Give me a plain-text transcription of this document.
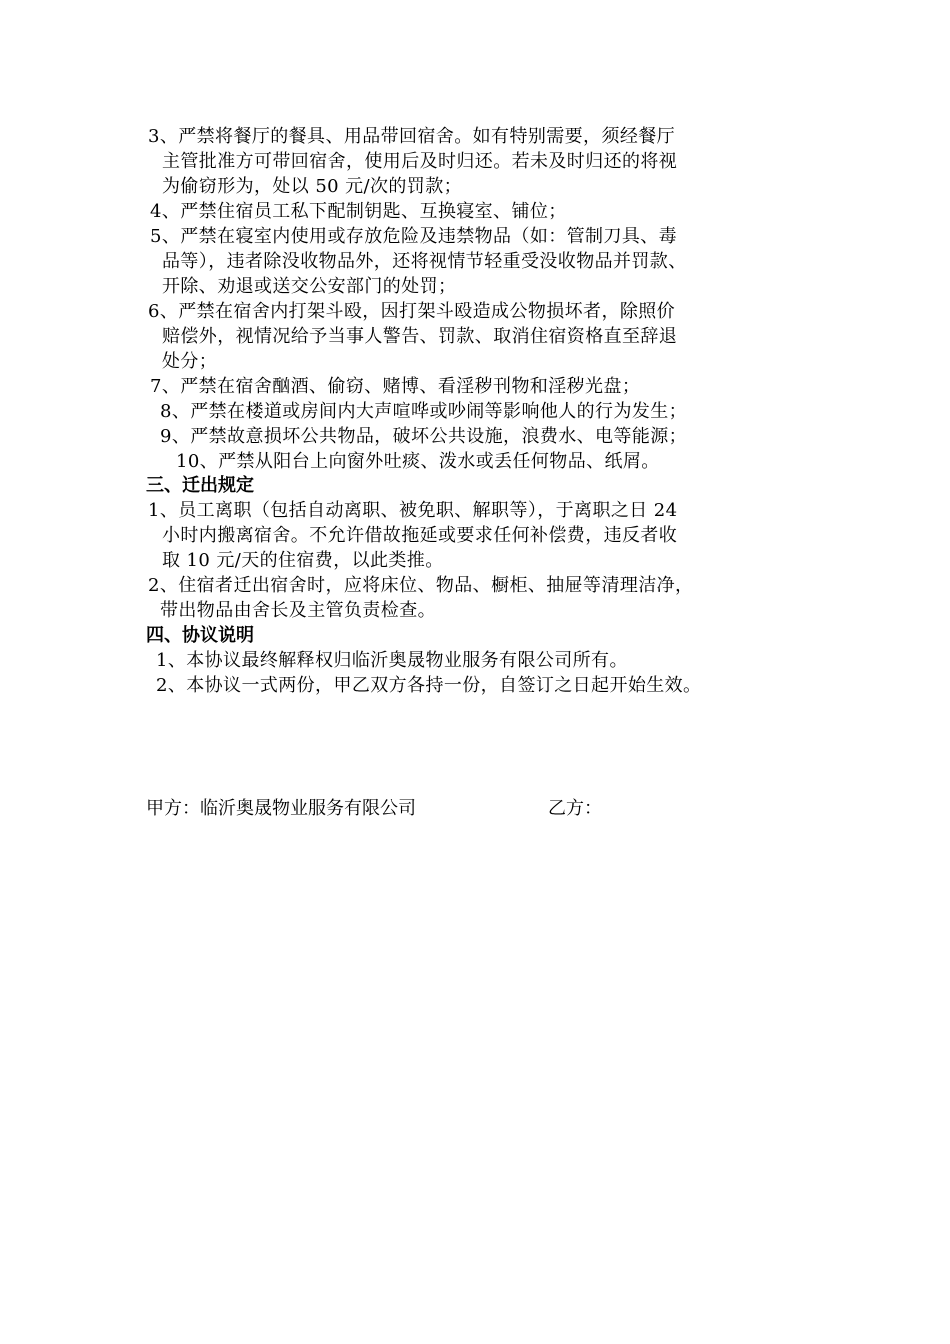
3、严禁将餐厅的餐具、用品带回宿舍。如有特别需要，须经餐厅
主管批准方可带回宿舍，使用后及时归还。若未及时归还的将视
为偷窃形为，处以 50 元/次的罚款；
4、严禁住宿员工私下配制钥匙、互换寝室、铺位；
5、严禁在寝室内使用或存放危险及违禁物品（如：管制刀具、毒
品等），违者除没收物品外，还将视情节轻重受没收物品并罚款、
开除、劝退或送交公安部门的处罚；
6、严禁在宿舍内打架斗殴，因打架斗殴造成公物损坏者，除照价
赔偿外，视情况给予当事人警告、罚款、取消住宿资格直至辞退
处分；
7、严禁在宿舍酗酒、偷窃、赌博、看淫秽刊物和淫秽光盘；
8、严禁在楼道或房间内大声喧哗或吵闹等影响他人的行为发生；
9、严禁故意损坏公共物品，破坏公共设施，浪费水、电等能源；
10、严禁从阳台上向窗外吐痰、泼水或丢任何物品、纸屑。
三、迁出规定
1、员工离职（包括自动离职、被免职、解职等），于离职之日 24
小时内搬离宿舍。不允许借故拖延或要求任何补偿费，违反者收
取 10 元/天的住宿费，以此类推。
2、住宿者迁出宿舍时，应将床位、物品、橱柜、抽屉等清理洁净，
带出物品由舍长及主管负责检查。
四、协议说明
1、本协议最终解释权归临沂奥晟物业服务有限公司所有。
2、本协议一式两份，甲乙双方各持一份，自签订之日起开始生效。
甲方：临沂奥晟物业服务有限公司	乙方：
